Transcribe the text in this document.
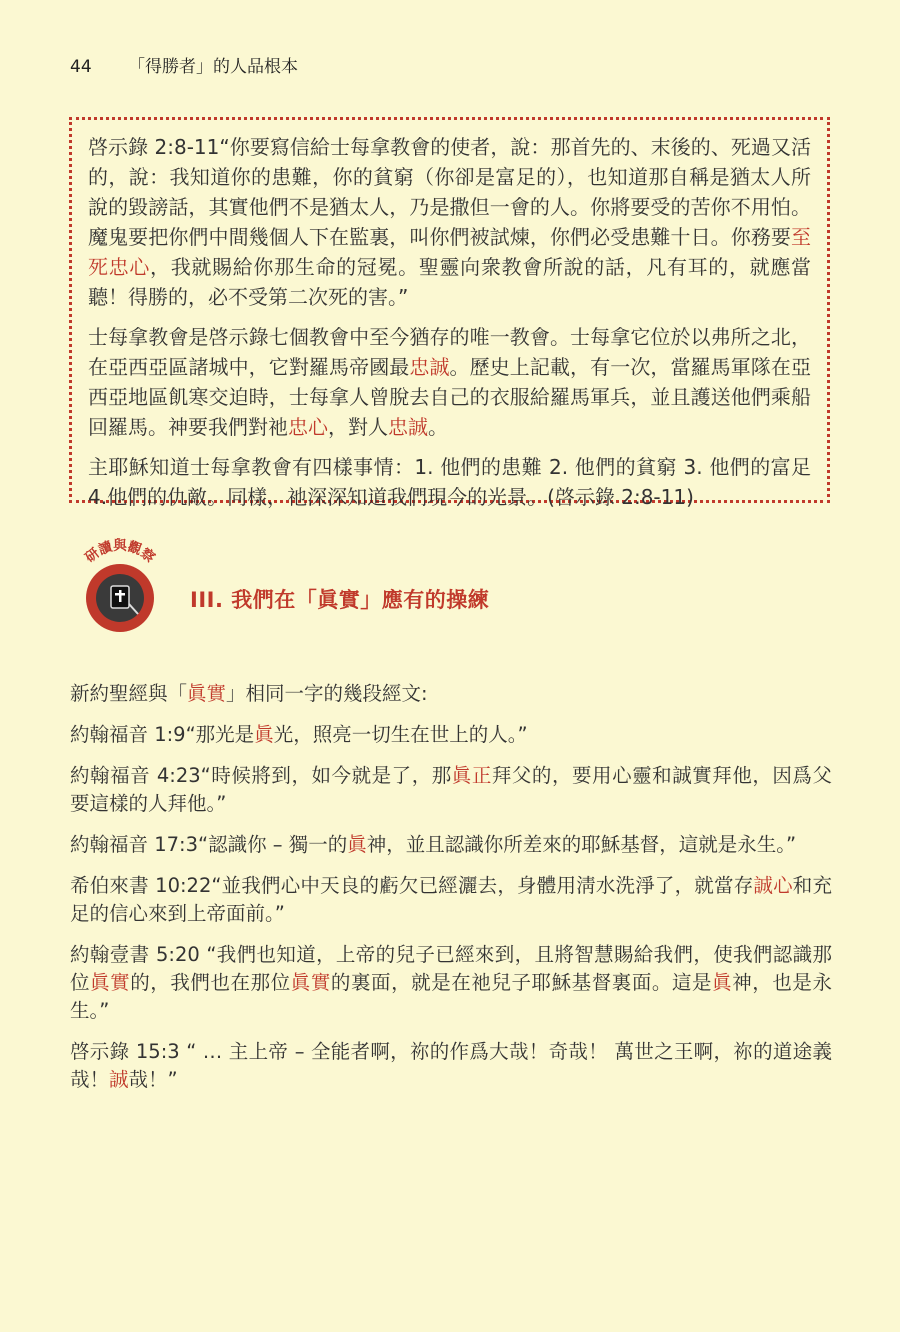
44 「得勝者」的人品根本

啓示錄 2:8-11“你要寫信給士每拿教會的使者，說：那首先的、末後的、死過又活的，說：我知道你的患難，你的貧窮（你卻是富足的），也知道那自稱是猶太人所說的毀謗話，其實他們不是猶太人，乃是撒但一會的人。你將要受的苦你不用怕。魔鬼要把你們中間幾個人下在監裏，叫你們被試煉，你們必受患難十日。你務要至死忠心，我就賜給你那生命的冠冕。聖靈向衆教會所說的話，凡有耳的，就應當聽！得勝的，必不受第二次死的害。”

士每拿教會是啓示錄七個教會中至今猶存的唯一教會。士每拿它位於以弗所之北，在亞西亞區諸城中，它對羅馬帝國最忠誠。歷史上記載，有一次，當羅馬軍隊在亞西亞地區飢寒交迫時，士每拿人曾脫去自己的衣服給羅馬軍兵，並且護送他們乘船回羅馬。神要我們對祂忠心，對人忠誠。

主耶穌知道士每拿教會有四樣事情：1. 他們的患難 2. 他們的貧窮 3. 他們的富足 4.他們的仇敵。同樣，祂深深知道我們現今的光景。(啓示錄 2:8-11)

研讀與觀察
III. 我們在「眞實」應有的操練

新約聖經與「眞實」相同一字的幾段經文:

約翰福音 1:9“那光是眞光，照亮一切生在世上的人。”

約翰福音 4:23“時候將到，如今就是了，那眞正拜父的，要用心靈和誠實拜他，因爲父要這樣的人拜他。”

約翰福音 17:3“認識你 – 獨一的眞神，並且認識你所差來的耶穌基督，這就是永生。”

希伯來書 10:22“並我們心中天良的虧欠已經灑去，身體用淸水洗淨了，就當存誠心和充足的信心來到上帝面前。”

約翰壹書 5:20 “我們也知道，上帝的兒子已經來到，且將智慧賜給我們，使我們認識那位眞實的，我們也在那位眞實的裏面，就是在祂兒子耶穌基督裏面。這是眞神，也是永生。”

啓示錄 15:3 “ … 主上帝 – 全能者啊，祢的作爲大哉！奇哉！ 萬世之王啊，祢的道途義哉！誠哉！”
